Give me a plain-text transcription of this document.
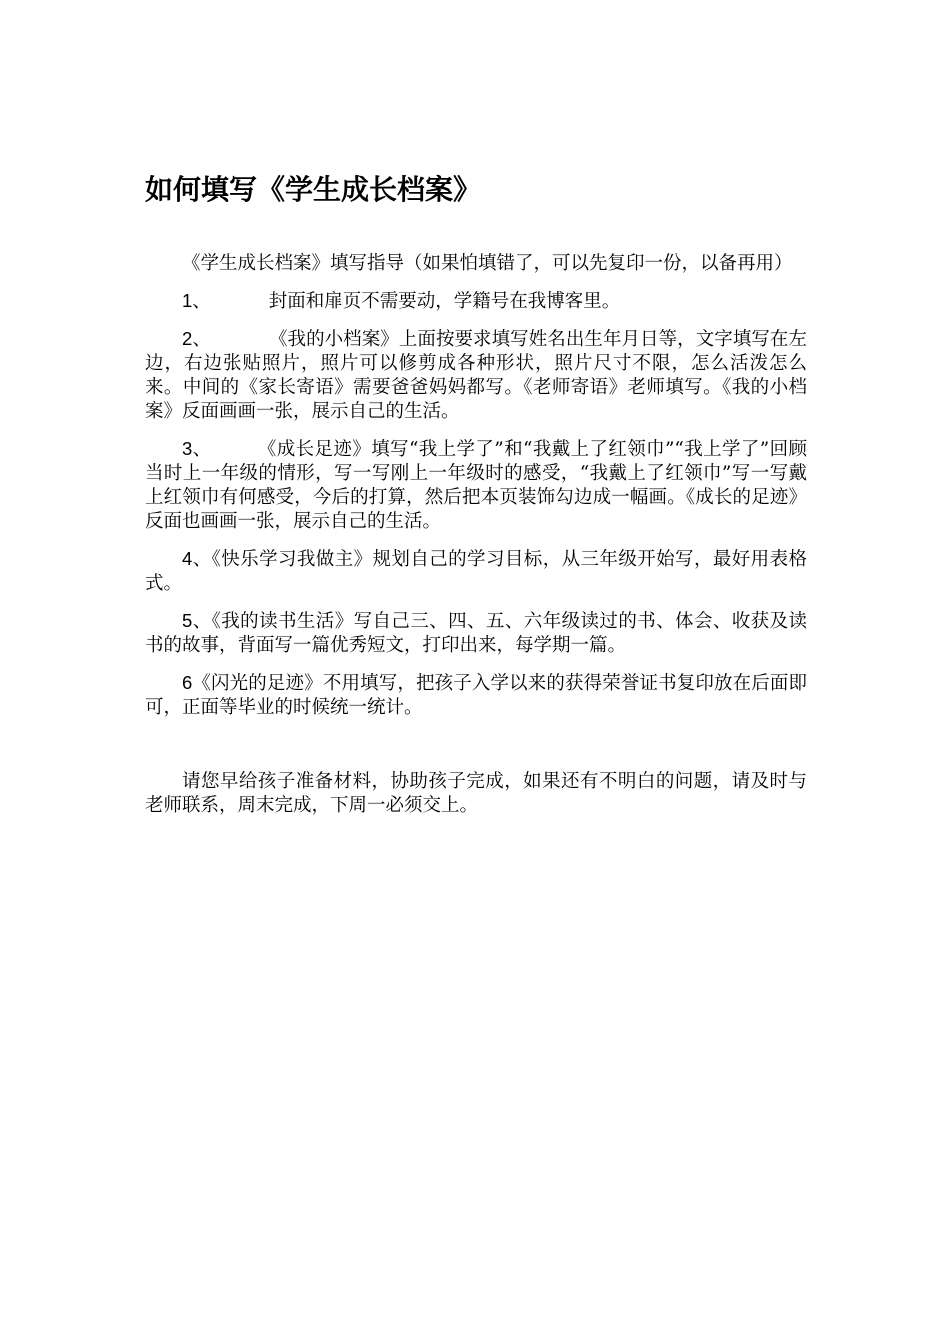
如何填写《学生成长档案》

《学生成长档案》填写指导（如果怕填错了，可以先复印一份，以备再用）

1、	封面和扉页不需要动，学籍号在我博客里。

2、	《我的小档案》上面按要求填写姓名出生年月日等，文字填写在左边，右边张贴照片，照片可以修剪成各种形状，照片尺寸不限，怎么活泼怎么来。中间的《家长寄语》需要爸爸妈妈都写。《老师寄语》老师填写。《我的小档案》反面画画一张，展示自己的生活。

3、 《成长足迹》填写“我上学了”和“我戴上了红领巾”“我上学了”回顾当时上一年级的情形，写一写刚上一年级时的感受，“我戴上了红领巾”写一写戴上红领巾有何感受，今后的打算，然后把本页装饰勾边成一幅画。《成长的足迹》反面也画画一张，展示自己的生活。

4、《快乐学习我做主》规划自己的学习目标，从三年级开始写，最好用表格式。

5、《我的读书生活》写自己三、四、五、六年级读过的书、体会、收获及读书的故事，背面写一篇优秀短文，打印出来，每学期一篇。

6《闪光的足迹》不用填写，把孩子入学以来的获得荣誉证书复印放在后面即可，正面等毕业的时候统一统计。

请您早给孩子准备材料，协助孩子完成，如果还有不明白的问题，请及时与老师联系，周末完成，下周一必须交上。
